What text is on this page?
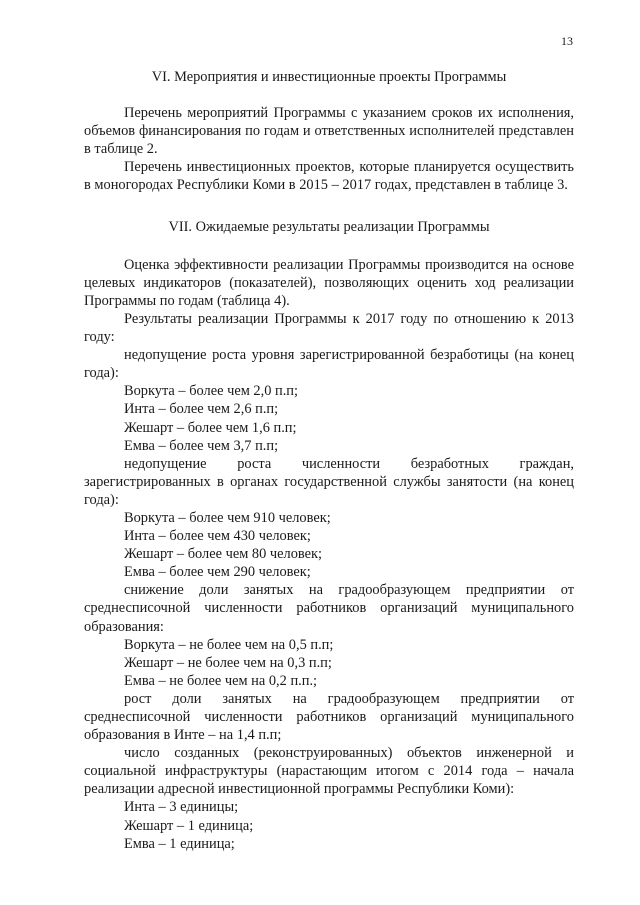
13
VI. Мероприятия и инвестиционные проекты Программы

Перечень мероприятий Программы с указанием сроков их исполнения, объемов финансирования по годам и ответственных исполнителей представлен в таблице 2.

Перечень инвестиционных проектов, которые планируется осуществить в моногородах Республики Коми в 2015 – 2017 годах, представлен в таблице 3.

VII. Ожидаемые результаты реализации Программы

Оценка эффективности реализации Программы производится на основе целевых индикаторов (показателей), позволяющих оценить ход реализации Программы по годам (таблица 4).

Результаты реализации Программы к 2017 году по отношению к 2013 году:

недопущение роста уровня зарегистрированной безработицы (на конец года):

Воркута – более чем 2,0 п.п;

Инта – более чем 2,6 п.п;

Жешарт – более чем 1,6 п.п;

Емва – более чем 3,7 п.п;

недопущение роста численности безработных граждан, зарегистрированных в органах государственной службы занятости (на конец года):

Воркута – более чем 910 человек;

Инта – более чем 430 человек;

Жешарт – более чем 80 человек;

Емва – более чем 290 человек;

снижение доли занятых на градообразующем предприятии от среднесписочной численности работников организаций муниципального образования:

Воркута – не более чем на 0,5 п.п;

Жешарт – не более чем на 0,3 п.п;

Емва – не более чем на 0,2 п.п.;

рост доли занятых на градообразующем предприятии от среднесписочной численности работников организаций муниципального образования в Инте – на 1,4 п.п;

число созданных (реконструированных) объектов инженерной и социальной инфраструктуры (нарастающим итогом с 2014 года – начала реализации адресной инвестиционной программы Республики Коми):

Инта – 3 единицы;

Жешарт – 1 единица;

Емва – 1 единица;
